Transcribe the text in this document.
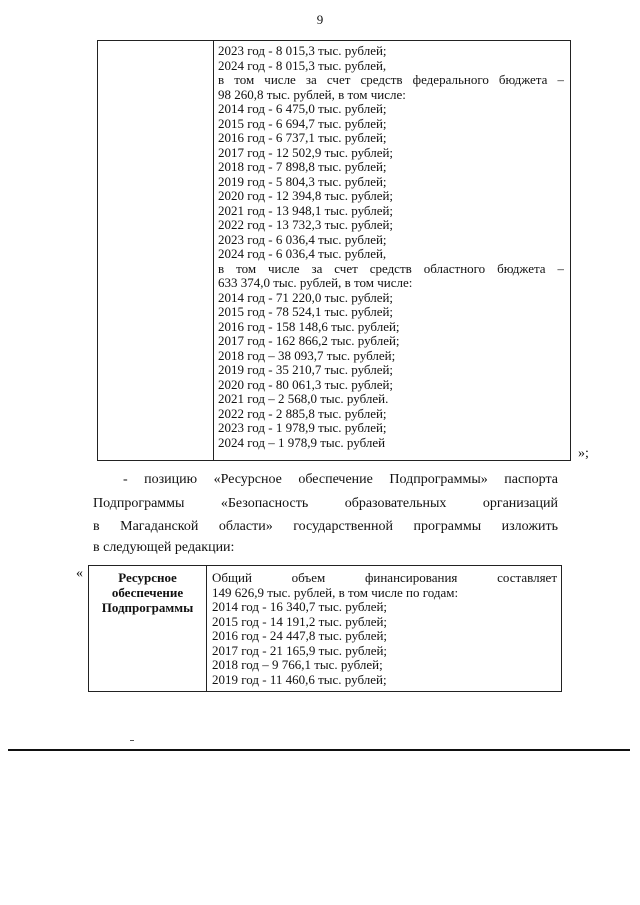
9
2023 год - 8 015,3 тыс. рублей;
2024 год - 8 015,3 тыс. рублей,
в том числе за счет средств федерального бюджета –
98 260,8 тыс. рублей, в том числе:
2014 год - 6 475,0 тыс. рублей;
2015 год - 6 694,7 тыс. рублей;
2016 год - 6 737,1 тыс. рублей;
2017 год - 12 502,9 тыс. рублей;
2018 год - 7 898,8 тыс. рублей;
2019 год - 5 804,3 тыс. рублей;
2020 год - 12 394,8 тыс. рублей;
2021 год - 13 948,1 тыс. рублей;
2022 год - 13 732,3 тыс. рублей;
2023 год - 6 036,4 тыс. рублей;
2024 год - 6 036,4 тыс. рублей,
в том числе за счет средств областного бюджета –
633 374,0 тыс. рублей, в том числе:
2014 год - 71 220,0 тыс. рублей;
2015 год - 78 524,1 тыс. рублей;
2016 год - 158 148,6 тыс. рублей;
2017 год - 162 866,2 тыс. рублей;
2018 год – 38 093,7 тыс. рублей;
2019 год - 35 210,7 тыс. рублей;
2020 год - 80 061,3 тыс. рублей;
2021 год – 2 568,0 тыс. рублей.
2022 год - 2 885,8 тыс. рублей;
2023 год - 1 978,9 тыс. рублей;
2024 год – 1 978,9 тыс. рублей
»;
- позицию «Ресурсное обеспечение Подпрограммы» паспорта
Подпрограммы «Безопасность образовательных организаций
в Магаданской области» государственной программы изложить
в следующей редакции:
«	Ресурсное
обеспечение
Подпрограммы
Общий объем финансирования составляет
149 626,9 тыс. рублей, в том числе по годам:
2014 год - 16 340,7 тыс. рублей;
2015 год - 14 191,2 тыс. рублей;
2016 год - 24 447,8 тыс. рублей;
2017 год - 21 165,9 тыс. рублей;
2018 год – 9 766,1 тыс. рублей;
2019 год - 11 460,6 тыс. рублей;
